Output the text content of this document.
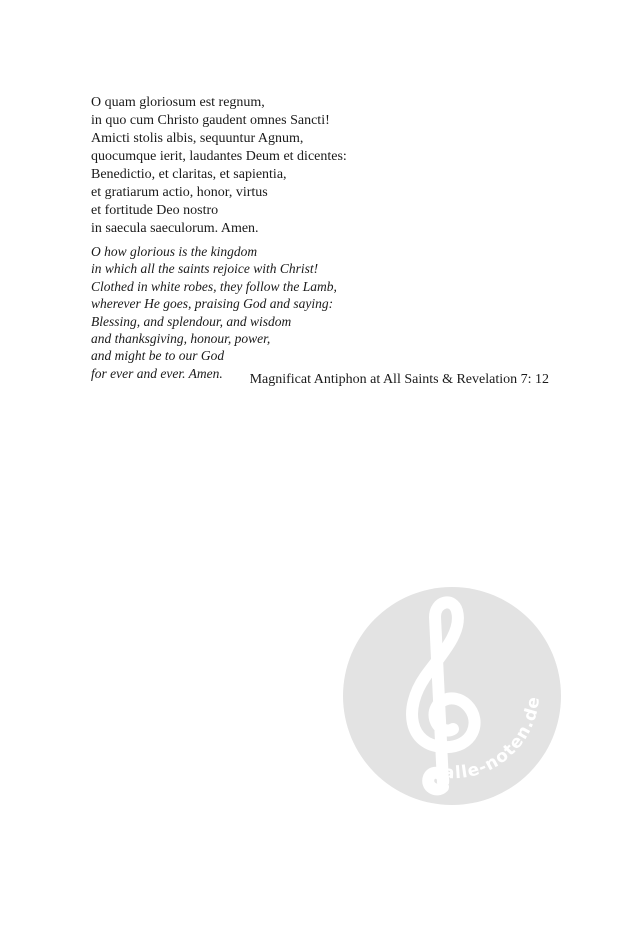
O quam gloriosum est regnum,
in quo cum Christo gaudent omnes Sancti!
Amicti stolis albis, sequuntur Agnum,
quocumque ierit, laudantes Deum et dicentes:
Benedictio, et claritas, et sapientia,
et gratiarum actio, honor, virtus
et fortitude Deo nostro
in saecula saeculorum. Amen.
O how glorious is the kingdom
in which all the saints rejoice with Christ!
Clothed in white robes, they follow the Lamb,
wherever He goes, praising God and saying:
Blessing, and splendour, and wisdom
and thanksgiving, honour, power,
and might be to our God
for ever and ever. Amen.	Magnificat Antiphon at All Saints & Revelation 7: 12
alle-noten.de
